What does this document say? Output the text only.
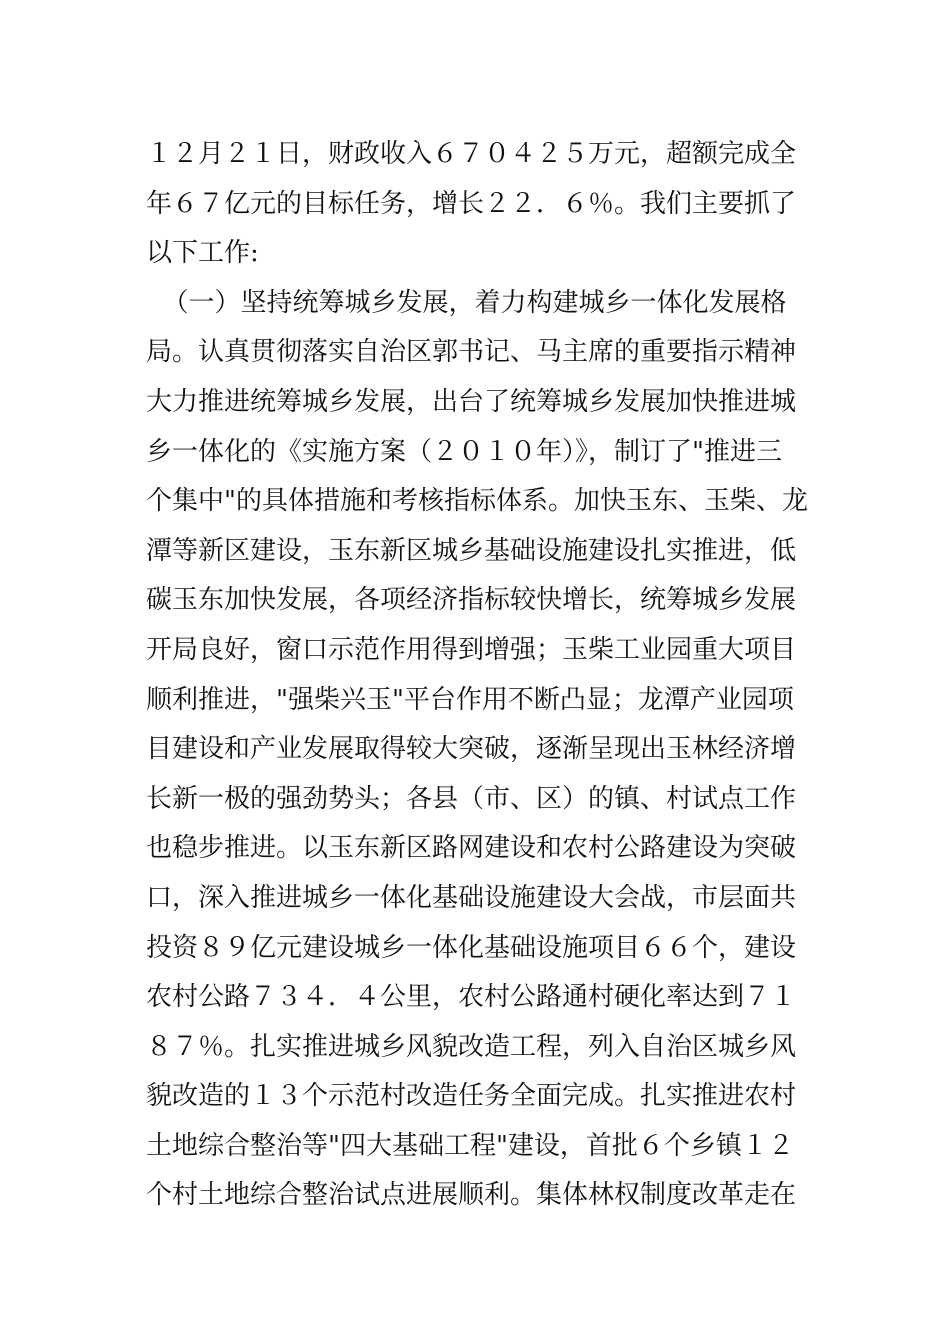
１２月２１日，财政收入６７０４２５万元，超额完成全
年６７亿元的目标任务，增长２２．６％。我们主要抓了
以下工作:
（一）坚持统筹城乡发展，着力构建城乡一体化发展格
局。认真贯彻落实自治区郭书记、马主席的重要指示精神
大力推进统筹城乡发展，出台了统筹城乡发展加快推进城
乡一体化的《实施方案（２０１０年）》，制订了"推进三
个集中"的具体措施和考核指标体系。加快玉东、玉柴、龙
潭等新区建设，玉东新区城乡基础设施建设扎实推进，低
碳玉东加快发展，各项经济指标较快增长，统筹城乡发展
开局良好，窗口示范作用得到增强；玉柴工业园重大项目
顺利推进，"强柴兴玉"平台作用不断凸显；龙潭产业园项
目建设和产业发展取得较大突破，逐渐呈现出玉林经济增
长新一极的强劲势头；各县（市、区）的镇、村试点工作
也稳步推进。以玉东新区路网建设和农村公路建设为突破
口，深入推进城乡一体化基础设施建设大会战，市层面共
投资８９亿元建设城乡一体化基础设施项目６６个，建设
农村公路７３４．４公里，农村公路通村硬化率达到７１
８７％。扎实推进城乡风貌改造工程，列入自治区城乡风
貌改造的１３个示范村改造任务全面完成。扎实推进农村
土地综合整治等"四大基础工程"建设，首批６个乡镇１２
个村土地综合整治试点进展顺利。集体林权制度改革走在
